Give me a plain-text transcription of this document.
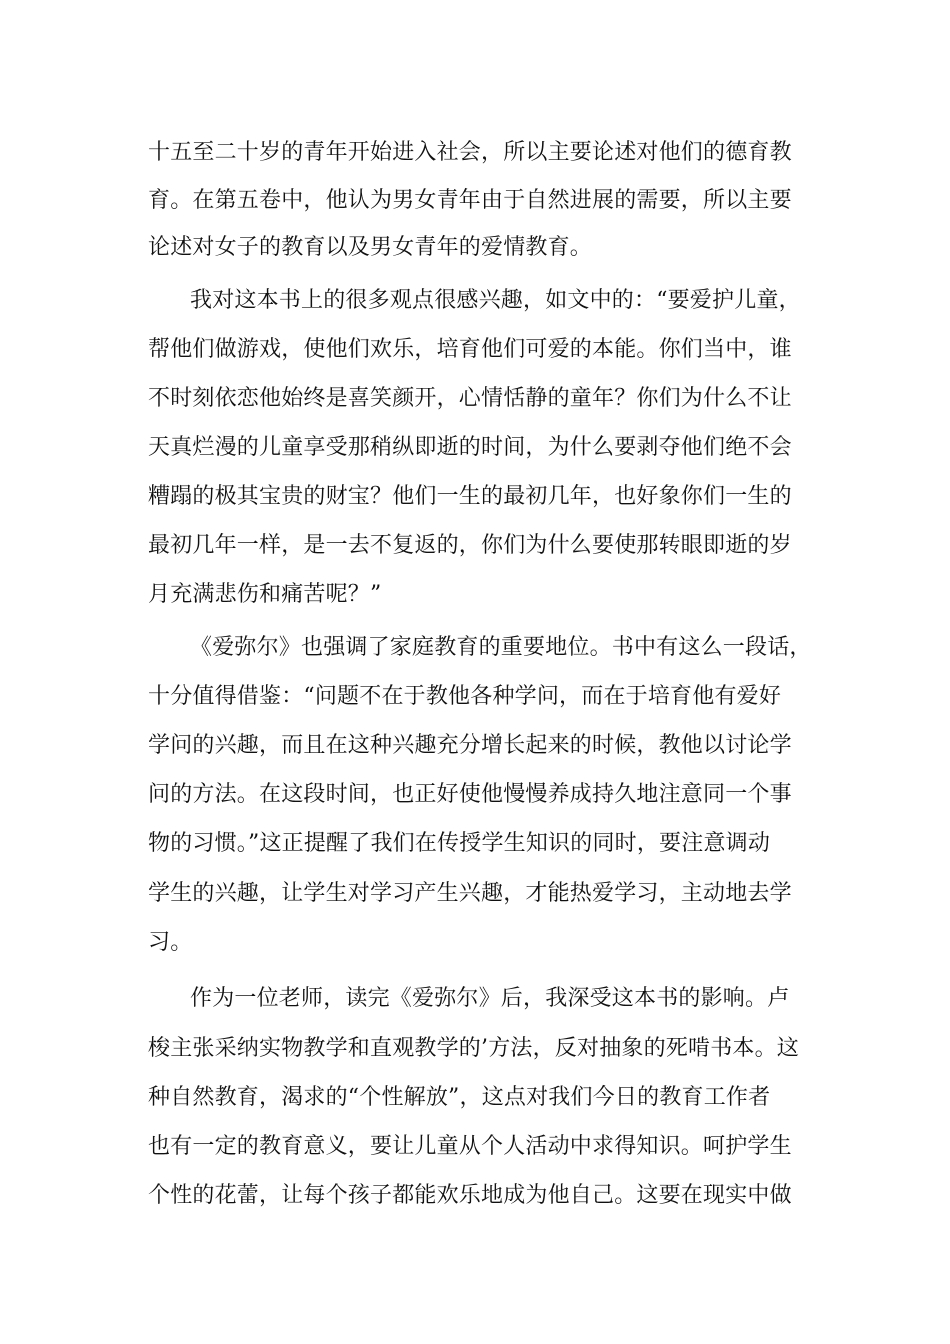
十五至二十岁的青年开始进入社会，所以主要论述对他们的德育教
育。在第五卷中，他认为男女青年由于自然进展的需要，所以主要
论述对女子的教育以及男女青年的爱情教育。
我对这本书上的很多观点很感兴趣，如文中的：“要爱护儿童，
帮他们做游戏，使他们欢乐，培育他们可爱的本能。你们当中，谁
不时刻依恋他始终是喜笑颜开，心情恬静的童年？你们为什么不让
天真烂漫的儿童享受那稍纵即逝的时间，为什么要剥夺他们绝不会
糟蹋的极其宝贵的财宝？他们一生的最初几年，也好象你们一生的
最初几年一样，是一去不复返的，你们为什么要使那转眼即逝的岁
月充满悲伤和痛苦呢？”
《爱弥尔》也强调了家庭教育的重要地位。书中有这么一段话，
十分值得借鉴：“问题不在于教他各种学问，而在于培育他有爱好
学问的兴趣，而且在这种兴趣充分增长起来的时候，教他以讨论学
问的方法。在这段时间，也正好使他慢慢养成持久地注意同一个事
物的习惯。”这正提醒了我们在传授学生知识的同时，要注意调动
学生的兴趣，让学生对学习产生兴趣，才能热爱学习，主动地去学
习。
作为一位老师，读完《爱弥尔》后，我深受这本书的影响。卢
梭主张采纳实物教学和直观教学的’方法，反对抽象的死啃书本。这
种自然教育，渴求的“个性解放”，这点对我们今日的教育工作者
也有一定的教育意义，要让儿童从个人活动中求得知识。呵护学生
个性的花蕾，让每个孩子都能欢乐地成为他自己。这要在现实中做
